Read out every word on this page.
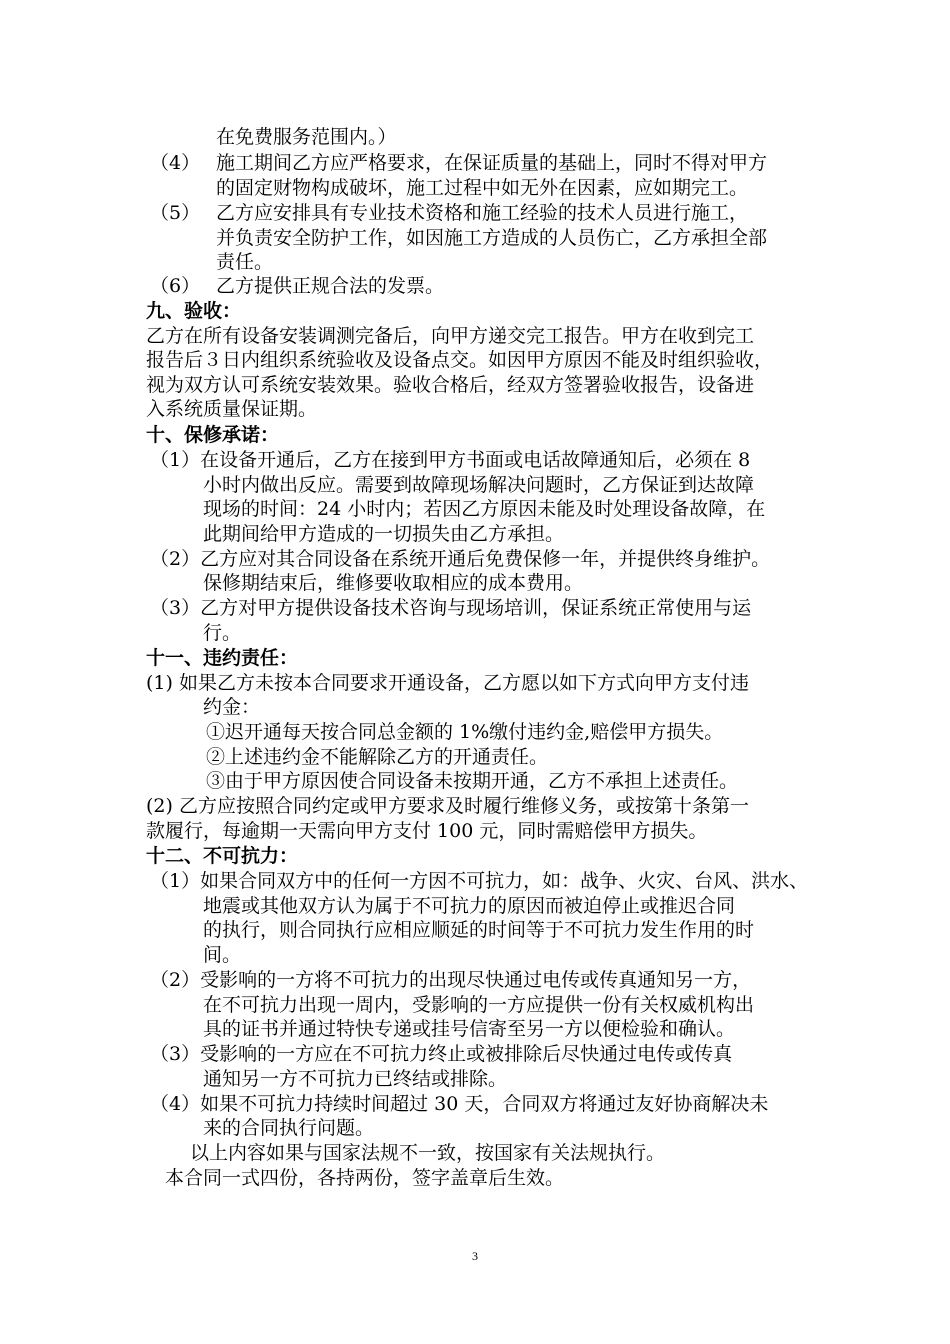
在免费服务范围内。）
（4） 施工期间乙方应严格要求，在保证质量的基础上，同时不得对甲方
的固定财物构成破坏，施工过程中如无外在因素，应如期完工。
（5） 乙方应安排具有专业技术资格和施工经验的技术人员进行施工，
并负责安全防护工作，如因施工方造成的人员伤亡，乙方承担全部
责任。
（6） 乙方提供正规合法的发票。
九、验收：
乙方在所有设备安装调测完备后，向甲方递交完工报告。甲方在收到完工
报告后３日内组织系统验收及设备点交。如因甲方原因不能及时组织验收，
视为双方认可系统安装效果。验收合格后，经双方签署验收报告，设备进
入系统质量保证期。
十、保修承诺：
（1）在设备开通后，乙方在接到甲方书面或电话故障通知后，必须在 8
小时内做出反应。需要到故障现场解决问题时，乙方保证到达故障
现场的时间：24 小时内；若因乙方原因未能及时处理设备故障，在
此期间给甲方造成的一切损失由乙方承担。
（2）乙方应对其合同设备在系统开通后免费保修一年，并提供终身维护。
保修期结束后，维修要收取相应的成本费用。
（3）乙方对甲方提供设备技术咨询与现场培训，保证系统正常使用与运
行。
十一、违约责任：
(1) 如果乙方未按本合同要求开通设备，乙方愿以如下方式向甲方支付违
约金：
①迟开通每天按合同总金额的 1%缴付违约金,赔偿甲方损失。
②上述违约金不能解除乙方的开通责任。
③由于甲方原因使合同设备未按期开通，乙方不承担上述责任。
(2) 乙方应按照合同约定或甲方要求及时履行维修义务，或按第十条第一
款履行，每逾期一天需向甲方支付 100 元，同时需赔偿甲方损失。
十二、不可抗力：
（1）如果合同双方中的任何一方因不可抗力，如：战争、火灾、台风、洪水、
地震或其他双方认为属于不可抗力的原因而被迫停止或推迟合同
的执行，则合同执行应相应顺延的时间等于不可抗力发生作用的时
间。
（2）受影响的一方将不可抗力的出现尽快通过电传或传真通知另一方，
在不可抗力出现一周内，受影响的一方应提供一份有关权威机构出
具的证书并通过特快专递或挂号信寄至另一方以便检验和确认。
（3）受影响的一方应在不可抗力终止或被排除后尽快通过电传或传真
通知另一方不可抗力已终结或排除。
（4）如果不可抗力持续时间超过 30 天，合同双方将通过友好协商解决未
来的合同执行问题。
以上内容如果与国家法规不一致，按国家有关法规执行。
本合同一式四份，各持两份，签字盖章后生效。
3
